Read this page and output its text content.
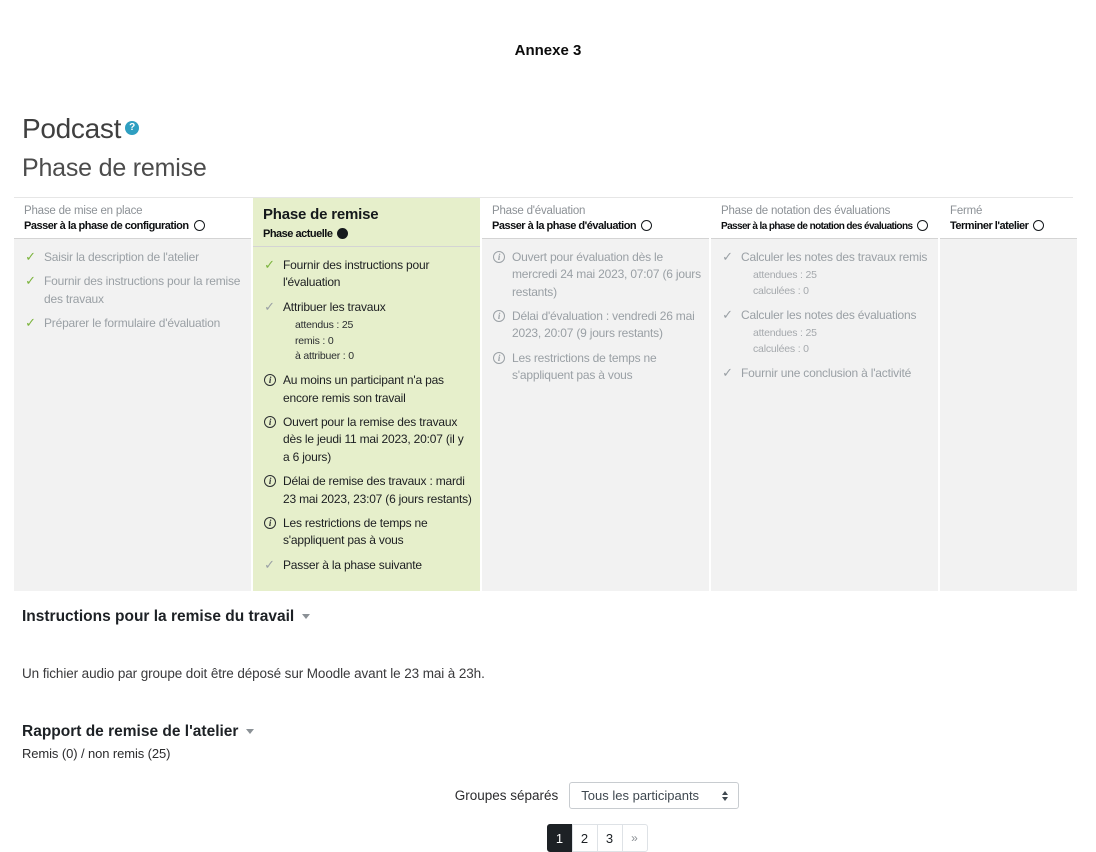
Annexe 3
Podcast ?
Phase de remise
Phase de mise en place
Passer à la phase de configuration
✓ Saisir la description de l'atelier
✓ Fournir des instructions pour la remise des travaux
✓ Préparer le formulaire d'évaluation
Phase de remise
Phase actuelle
✓ Fournir des instructions pour l'évaluation
✓ Attribuer les travaux
attendus : 25
remis : 0
à attribuer : 0
i Au moins un participant n'a pas encore remis son travail
i Ouvert pour la remise des travaux dès le jeudi 11 mai 2023, 20:07 (il y a 6 jours)
i Délai de remise des travaux : mardi 23 mai 2023, 23:07 (6 jours restants)
i Les restrictions de temps ne s'appliquent pas à vous
✓ Passer à la phase suivante
Phase d'évaluation
Passer à la phase d'évaluation
i Ouvert pour évaluation dès le mercredi 24 mai 2023, 07:07 (6 jours restants)
i Délai d'évaluation : vendredi 26 mai 2023, 20:07 (9 jours restants)
i Les restrictions de temps ne s'appliquent pas à vous
Phase de notation des évaluations
Passer à la phase de notation des évaluations
✓ Calculer les notes des travaux remis
attendues : 25
calculées : 0
✓ Calculer les notes des évaluations
attendues : 25
calculées : 0
✓ Fournir une conclusion à l'activité
Fermé
Terminer l'atelier
Instructions pour la remise du travail

Un fichier audio par groupe doit être déposé sur Moodle avant le 23 mai à 23h.

Rapport de remise de l'atelier
Remis (0) / non remis (25)
Groupes séparés Tous les participants
1	2	3	»
